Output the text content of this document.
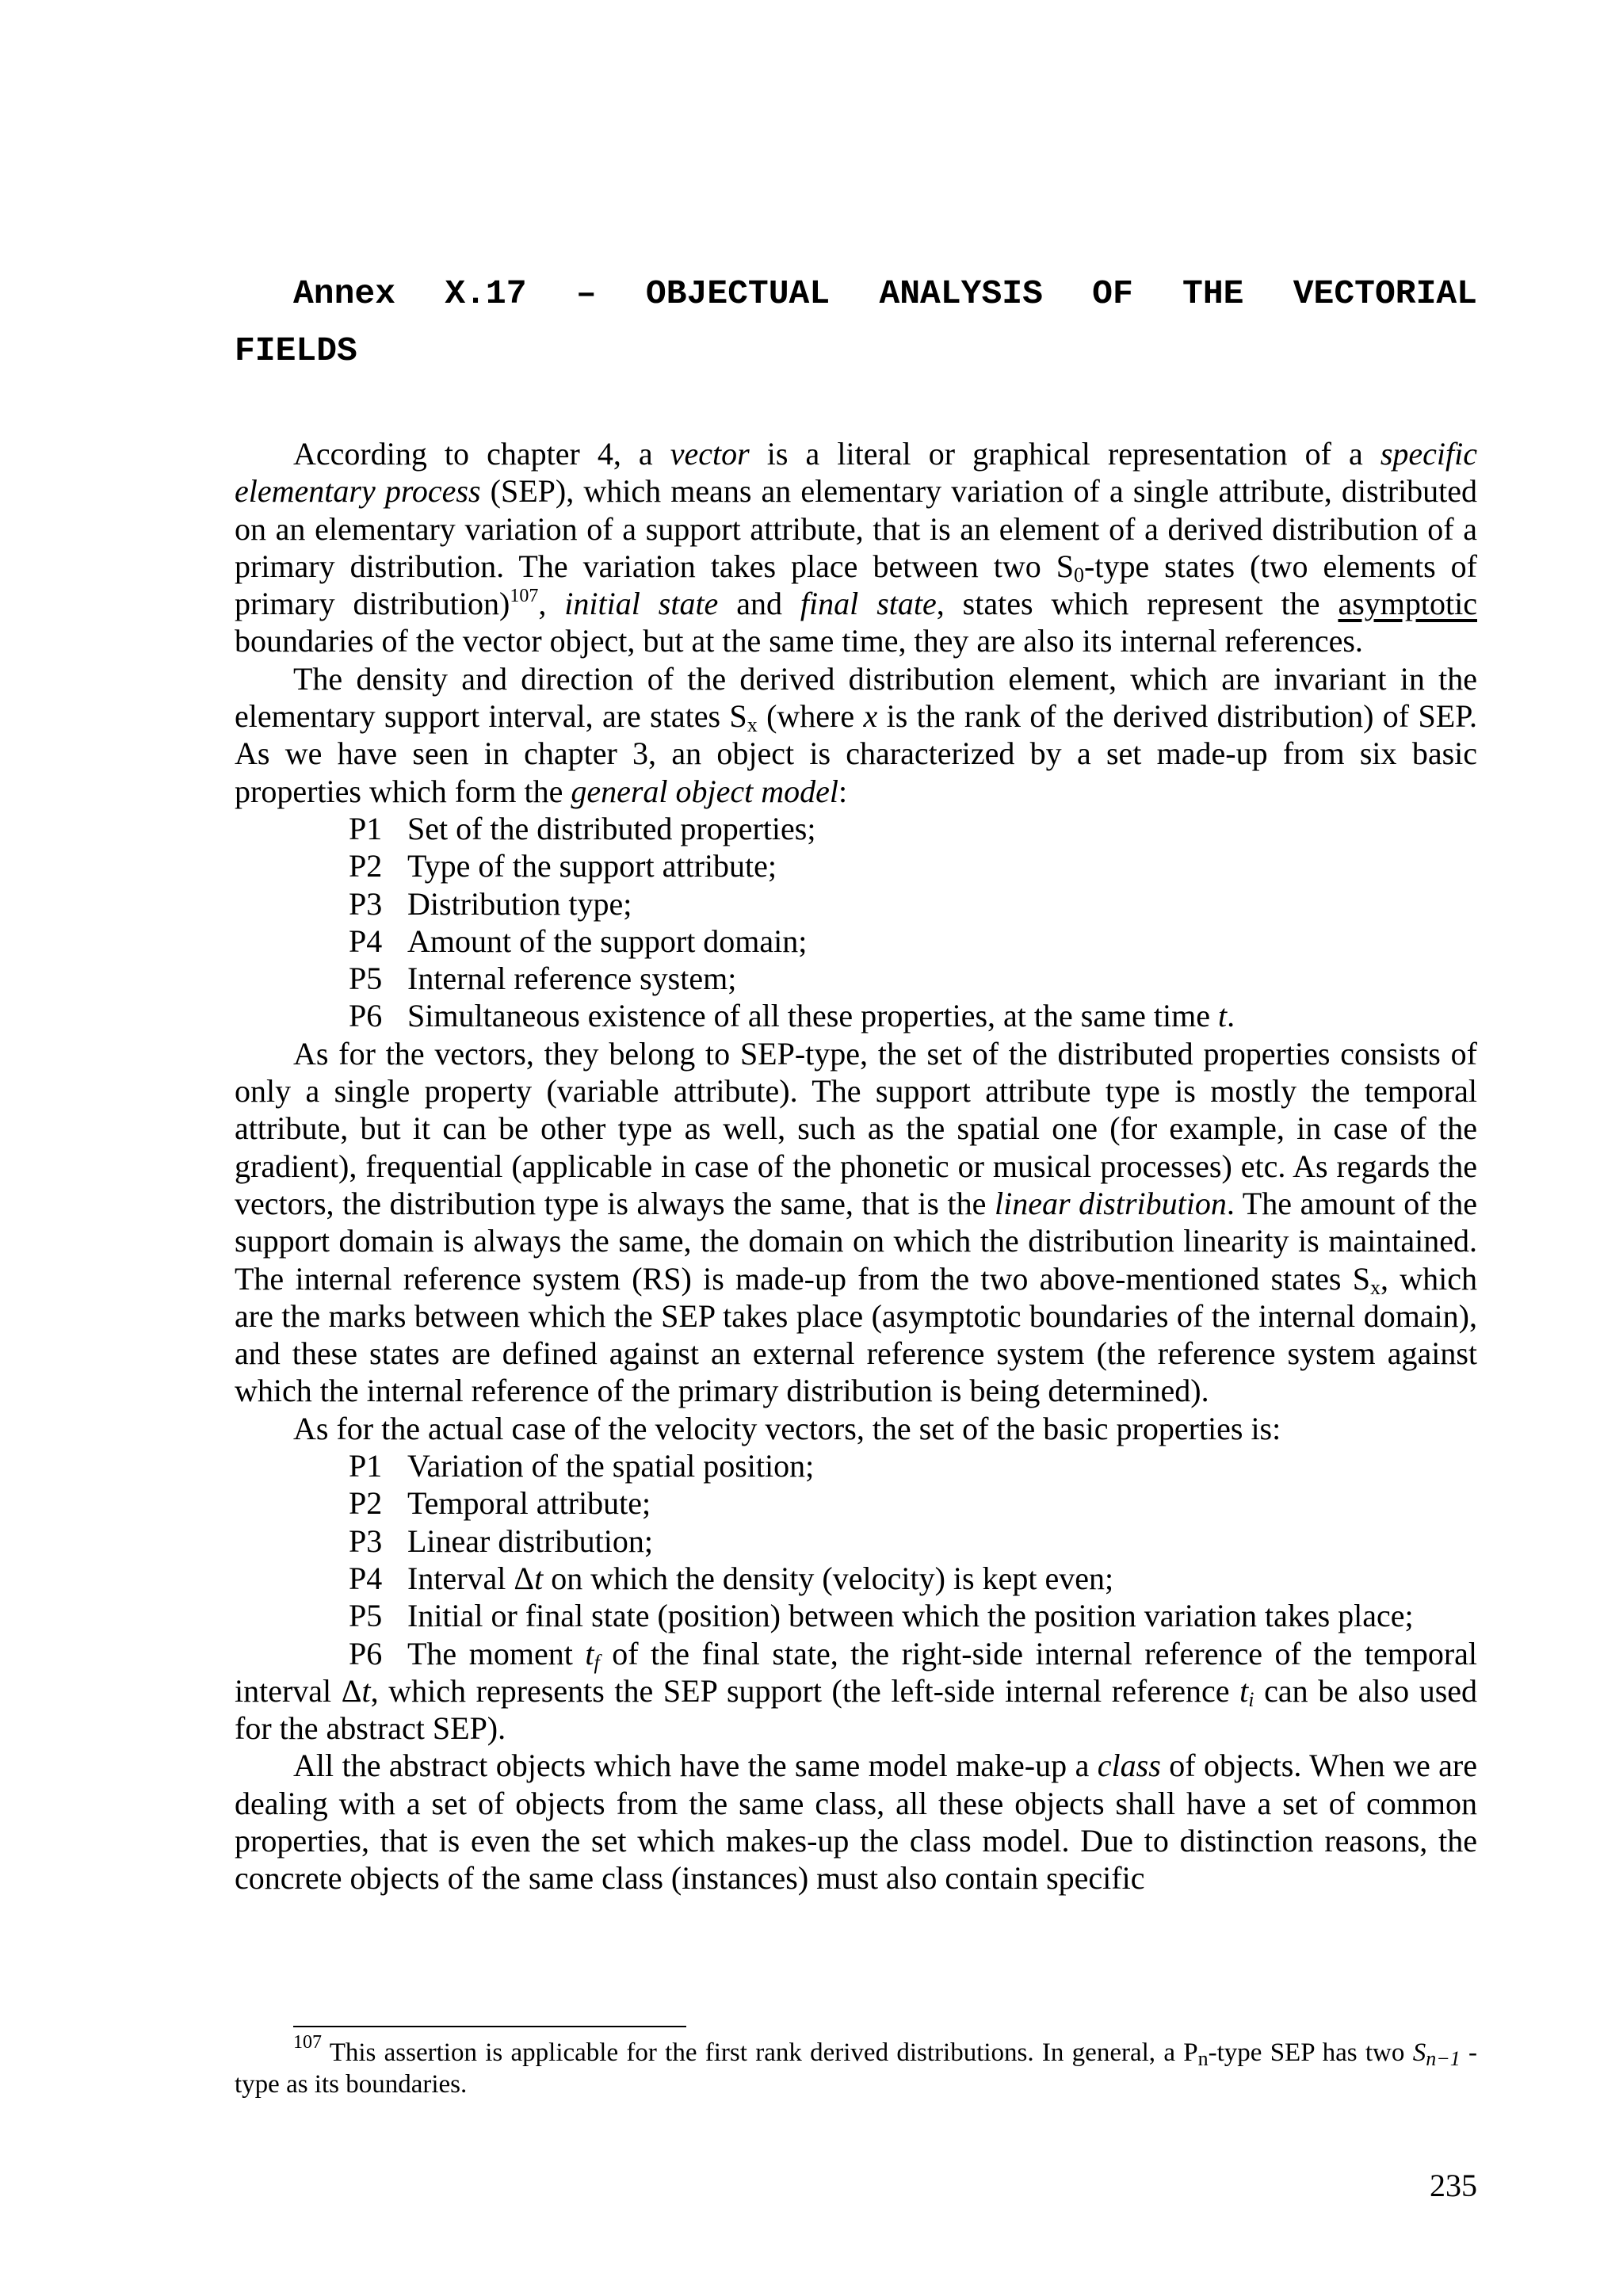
Annex X.17 – OBJECTUAL ANALYSIS OF THE VECTORIAL
FIELDS

According to chapter 4, a vector is a literal or graphical representation of a specific elementary process (SEP), which means an elementary variation of a single attribute, distributed on an elementary variation of a support attribute, that is an element of a derived distribution of a primary distribution. The variation takes place between two $S_0$-type states (two elements of primary distribution)$^{107}$, initial state and final state, states which represent the asymptotic boundaries of the vector object, but at the same time, they are also its internal references.

The density and direction of the derived distribution element, which are invariant in the elementary support interval, are states $S_x$ (where x is the rank of the derived distribution) of SEP. As we have seen in chapter 3, an object is characterized by a set made-up from six basic properties which form the general object model:

P1 Set of the distributed properties;
P2 Type of the support attribute;
P3 Distribution type;
P4 Amount of the support domain;
P5 Internal reference system;
P6 Simultaneous existence of all these properties, at the same time t.

As for the vectors, they belong to SEP-type, the set of the distributed properties consists of only a single property (variable attribute). The support attribute type is mostly the temporal attribute, but it can be other type as well, such as the spatial one (for example, in case of the gradient), frequential (applicable in case of the phonetic or musical processes) etc. As regards the vectors, the distribution type is always the same, that is the linear distribution. The amount of the support domain is always the same, the domain on which the distribution linearity is maintained. The internal reference system (RS) is made-up from the two above-mentioned states $S_x$, which are the marks between which the SEP takes place (asymptotic boundaries of the internal domain), and these states are defined against an external reference system (the reference system against which the internal reference of the primary distribution is being determined).

As for the actual case of the velocity vectors, the set of the basic properties is:

P1 Variation of the spatial position;
P2 Temporal attribute;
P3 Linear distribution;
P4 Interval Δt on which the density (velocity) is kept even;
P5 Initial or final state (position) between which the position variation takes place;

P6 The moment $t_f$ of the final state, the right-side internal reference of the temporal interval Δt, which represents the SEP support (the left-side internal reference $t_i$ can be also used for the abstract SEP).

All the abstract objects which have the same model make-up a class of objects. When we are dealing with a set of objects from the same class, all these objects shall have a set of common properties, that is even the set which makes-up the class model. Due to distinction reasons, the concrete objects of the same class (instances) must also contain specific

$^{107}$ This assertion is applicable for the first rank derived distributions. In general, a $P_n$-type SEP has two $S_{n-1}$ -type as its boundaries.
235
